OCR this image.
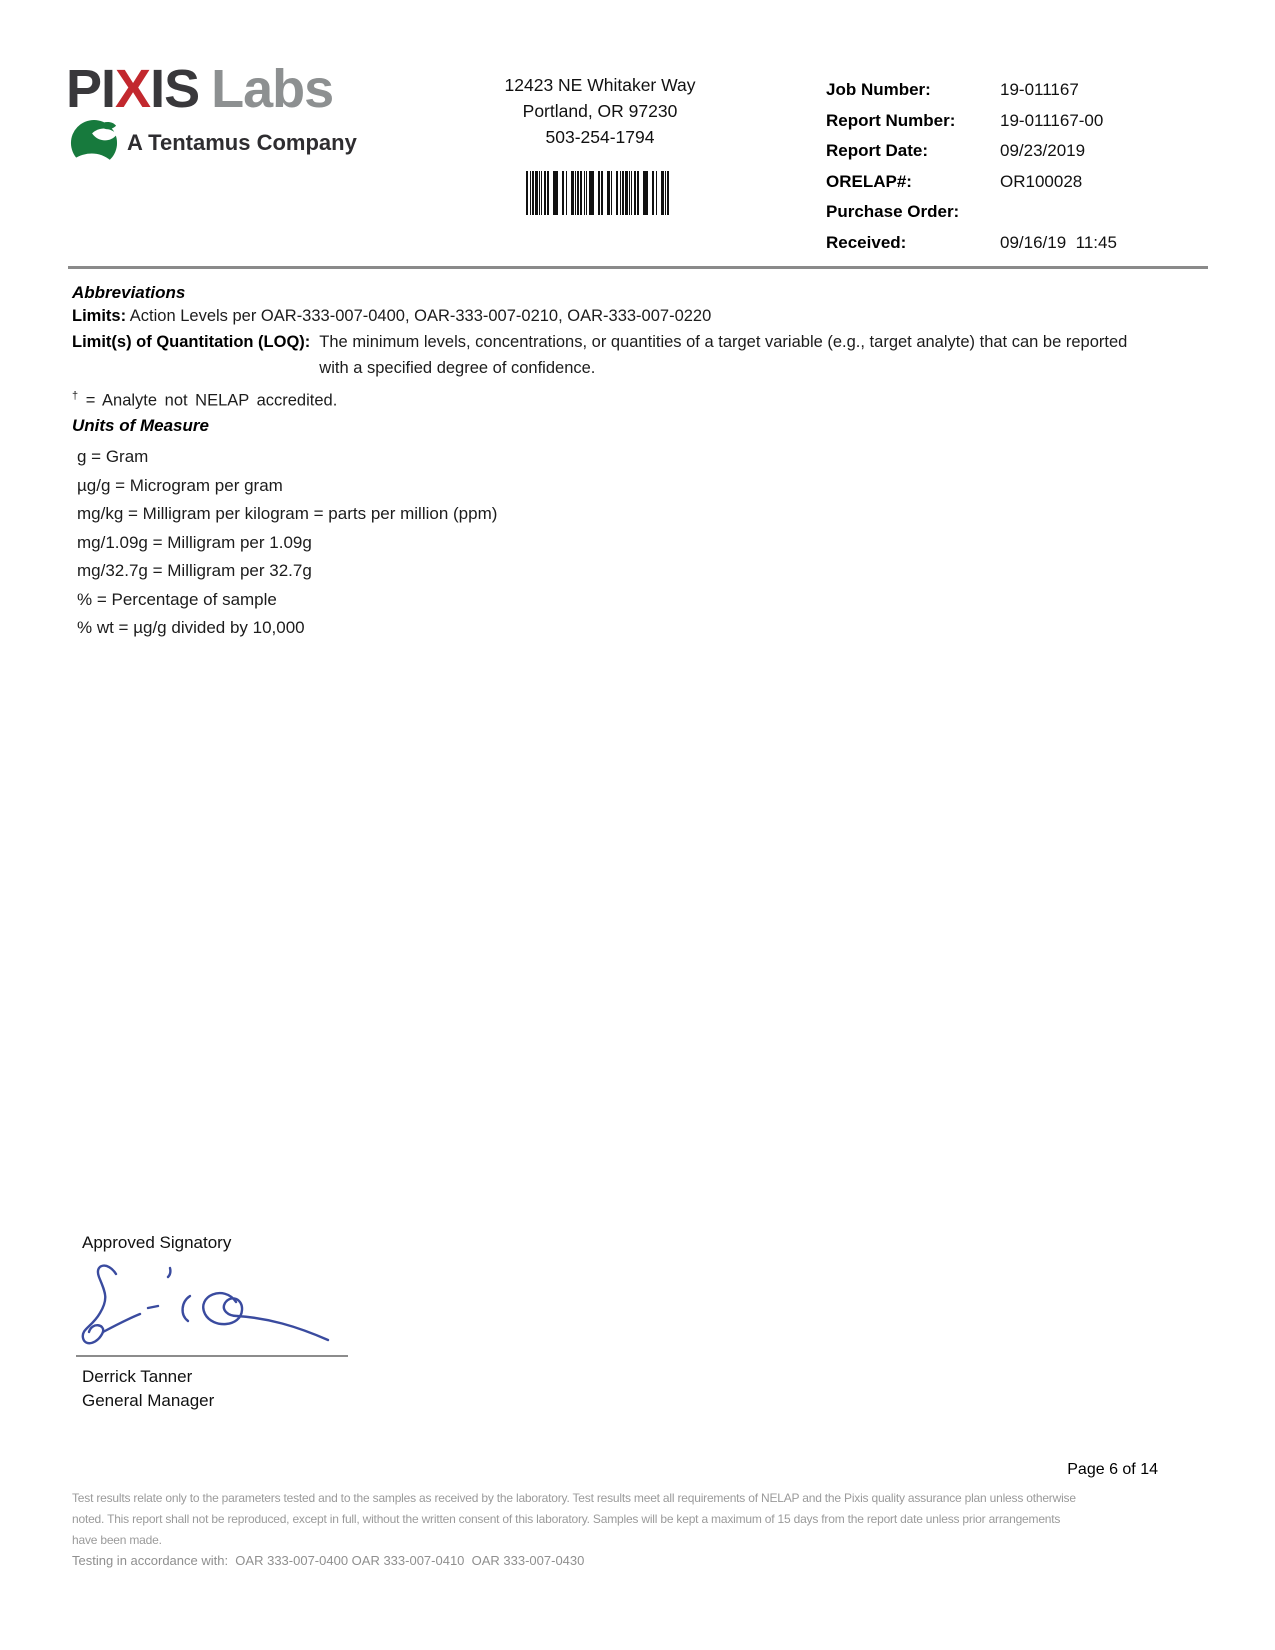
PIXIS Labs
A Tentamus Company
12423 NE Whitaker Way
Portland, OR 97230
503-254-1794
Job Number:	19-011167
Report Number:	19-011167-00
Report Date:	09/23/2019
ORELAP#:	OR100028
Purchase Order:
Received:	09/16/19  11:45
Abbreviations
Limits: Action Levels per OAR-333-007-0400, OAR-333-007-0210, OAR-333-007-0220
Limit(s) of Quantitation (LOQ): The minimum levels, concentrations, or quantities of a target variable (e.g., target analyte) that can be reported with a specified degree of confidence.
† = Analyte not NELAP accredited.
Units of Measure
g = Gram
µg/g = Microgram per gram
mg/kg = Milligram per kilogram = parts per million (ppm)
mg/1.09g = Milligram per 1.09g
mg/32.7g = Milligram per 32.7g
% = Percentage of sample
% wt = µg/g divided by 10,000
Approved Signatory
Derrick Tanner
General Manager
Page 6 of 14
Test results relate only to the parameters tested and to the samples as received by the laboratory. Test results meet all requirements of NELAP and the Pixis quality assurance plan unless otherwise noted. This report shall not be reproduced, except in full, without the written consent of this laboratory. Samples will be kept a maximum of 15 days from the report date unless prior arrangements have been made.
Testing in accordance with:  OAR 333-007-0400 OAR 333-007-0410  OAR 333-007-0430
